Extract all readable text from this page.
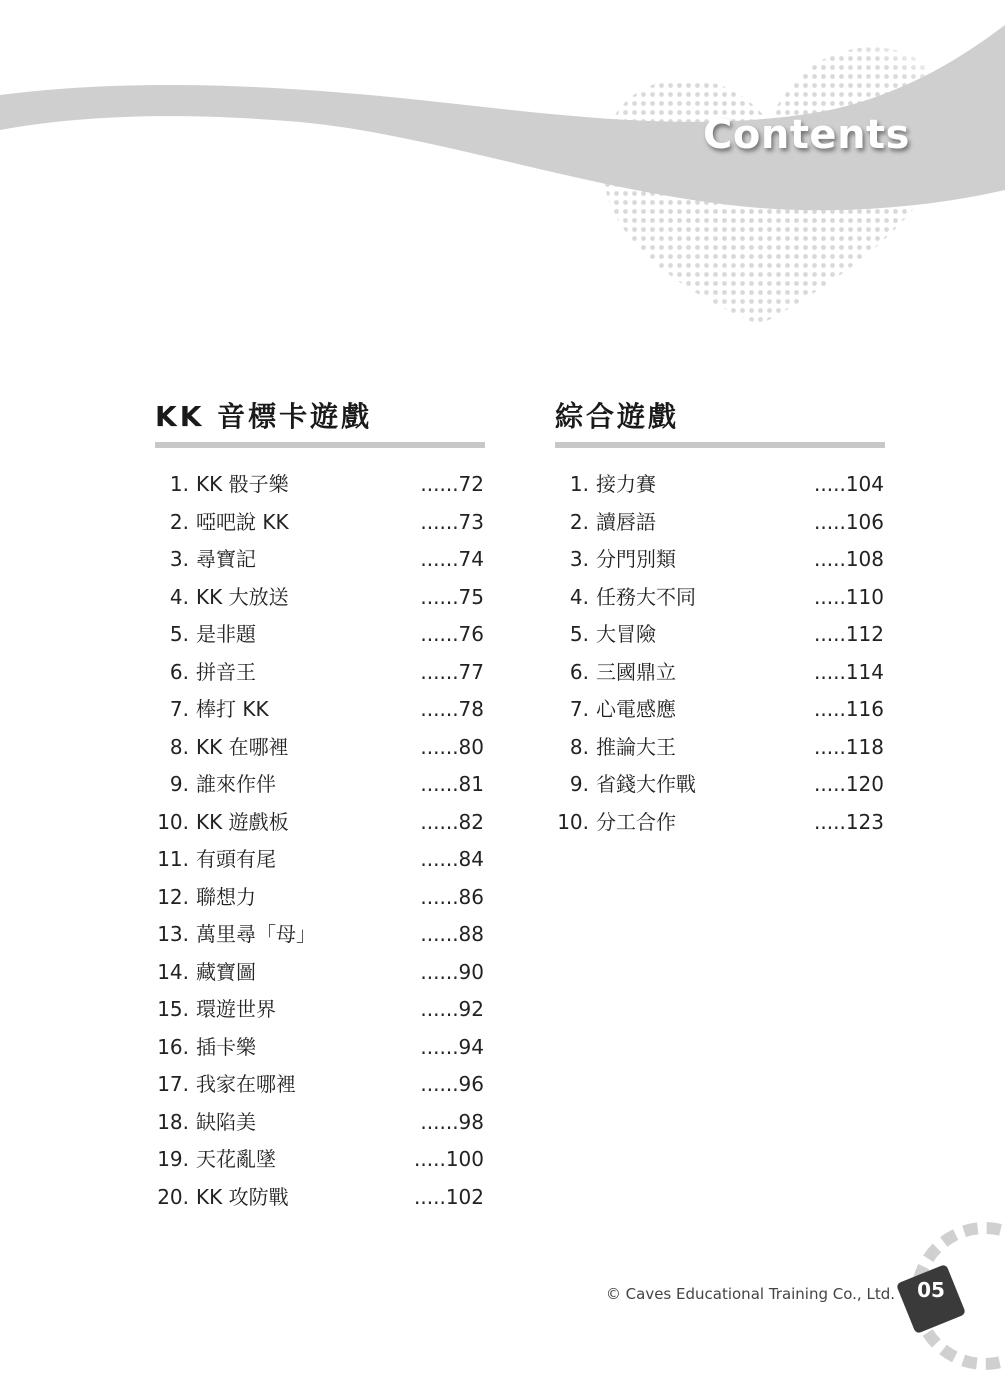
Contents
KK 音標卡遊戲
1. KK 骰子樂	......72
2. 啞吧說 KK	......73
3. 尋寶記	......74
4. KK 大放送	......75
5. 是非題	......76
6. 拼音王	......77
7. 棒打 KK	......78
8. KK 在哪裡	......80
9. 誰來作伴	......81
10. KK 遊戲板	......82
11. 有頭有尾	......84
12. 聯想力	......86
13. 萬里尋「母」	......88
14. 藏寶圖	......90
15. 環遊世界	......92
16. 插卡樂	......94
17. 我家在哪裡	......96
18. 缺陷美	......98
19. 天花亂墜	.....100
20. KK 攻防戰	.....102
綜合遊戲
1. 接力賽	.....104
2. 讀唇語	.....106
3. 分門別類	.....108
4. 任務大不同	.....110
5. 大冒險	.....112
6. 三國鼎立	.....114
7. 心電感應	.....116
8. 推論大王	.....118
9. 省錢大作戰	.....120
10. 分工合作	.....123
© Caves Educational Training Co., Ltd.	05
